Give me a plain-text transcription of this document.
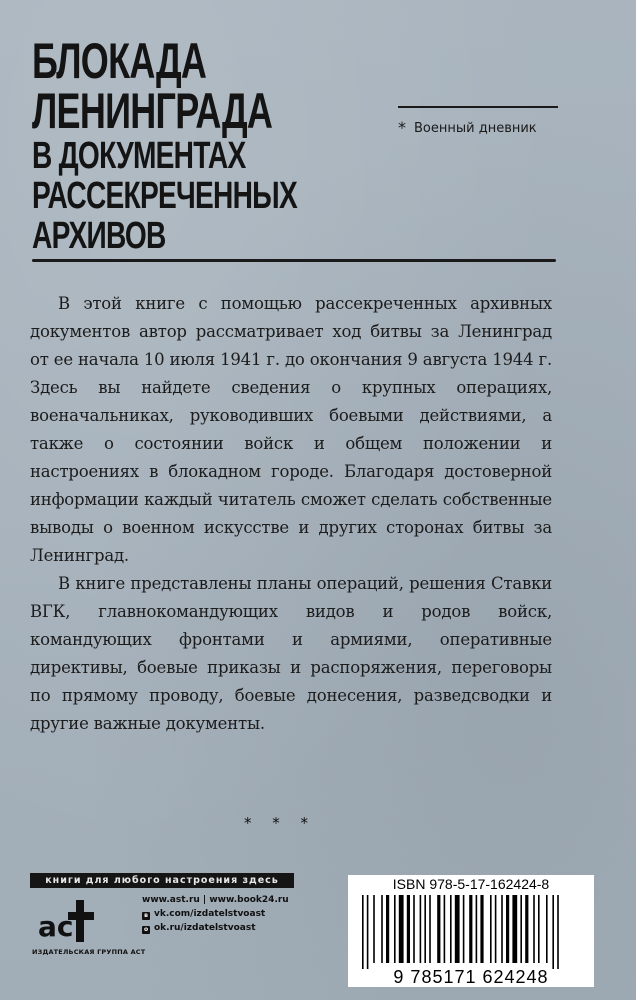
БЛОКАДА
ЛЕНИНГРАДА
В ДОКУМЕНТАХ
РАССЕКРЕЧЕННЫХ АРХИВОВ
* Военный дневник

В этой книге с помощью рассекреченных архивных документов автор рассматривает ход битвы за Ленинград от ее начала 10 июля 1941 г. до окончания 9 августа 1944 г. Здесь вы найдете сведения о крупных операциях, военачальниках, руководивших боевыми действиями, а также о состоянии войск и общем положении и настроениях в блокадном городе. Благодаря достоверной информации каждый читатель сможет сделать собственные выводы о военном искусстве и других сторонах битвы за Ленинград.

В книге представлены планы операций, решения Ставки ВГК, главнокомандующих видов и родов войск, командующих фронтами и армиями, оперативные директивы, боевые приказы и распоряжения, переговоры по прямому проводу, боевые донесения, разведсводки и другие важные документы.

* * *
книги для любого настроения здесь
ас
ИЗДАТЕЛЬСКАЯ ГРУППА АСТ
www.ast.ru | www.book24.ru
в vk.com/izdatelstvoast
о ok.ru/izdatelstvoast
ISBN 978-5-17-162424-8
9 785171 624248
